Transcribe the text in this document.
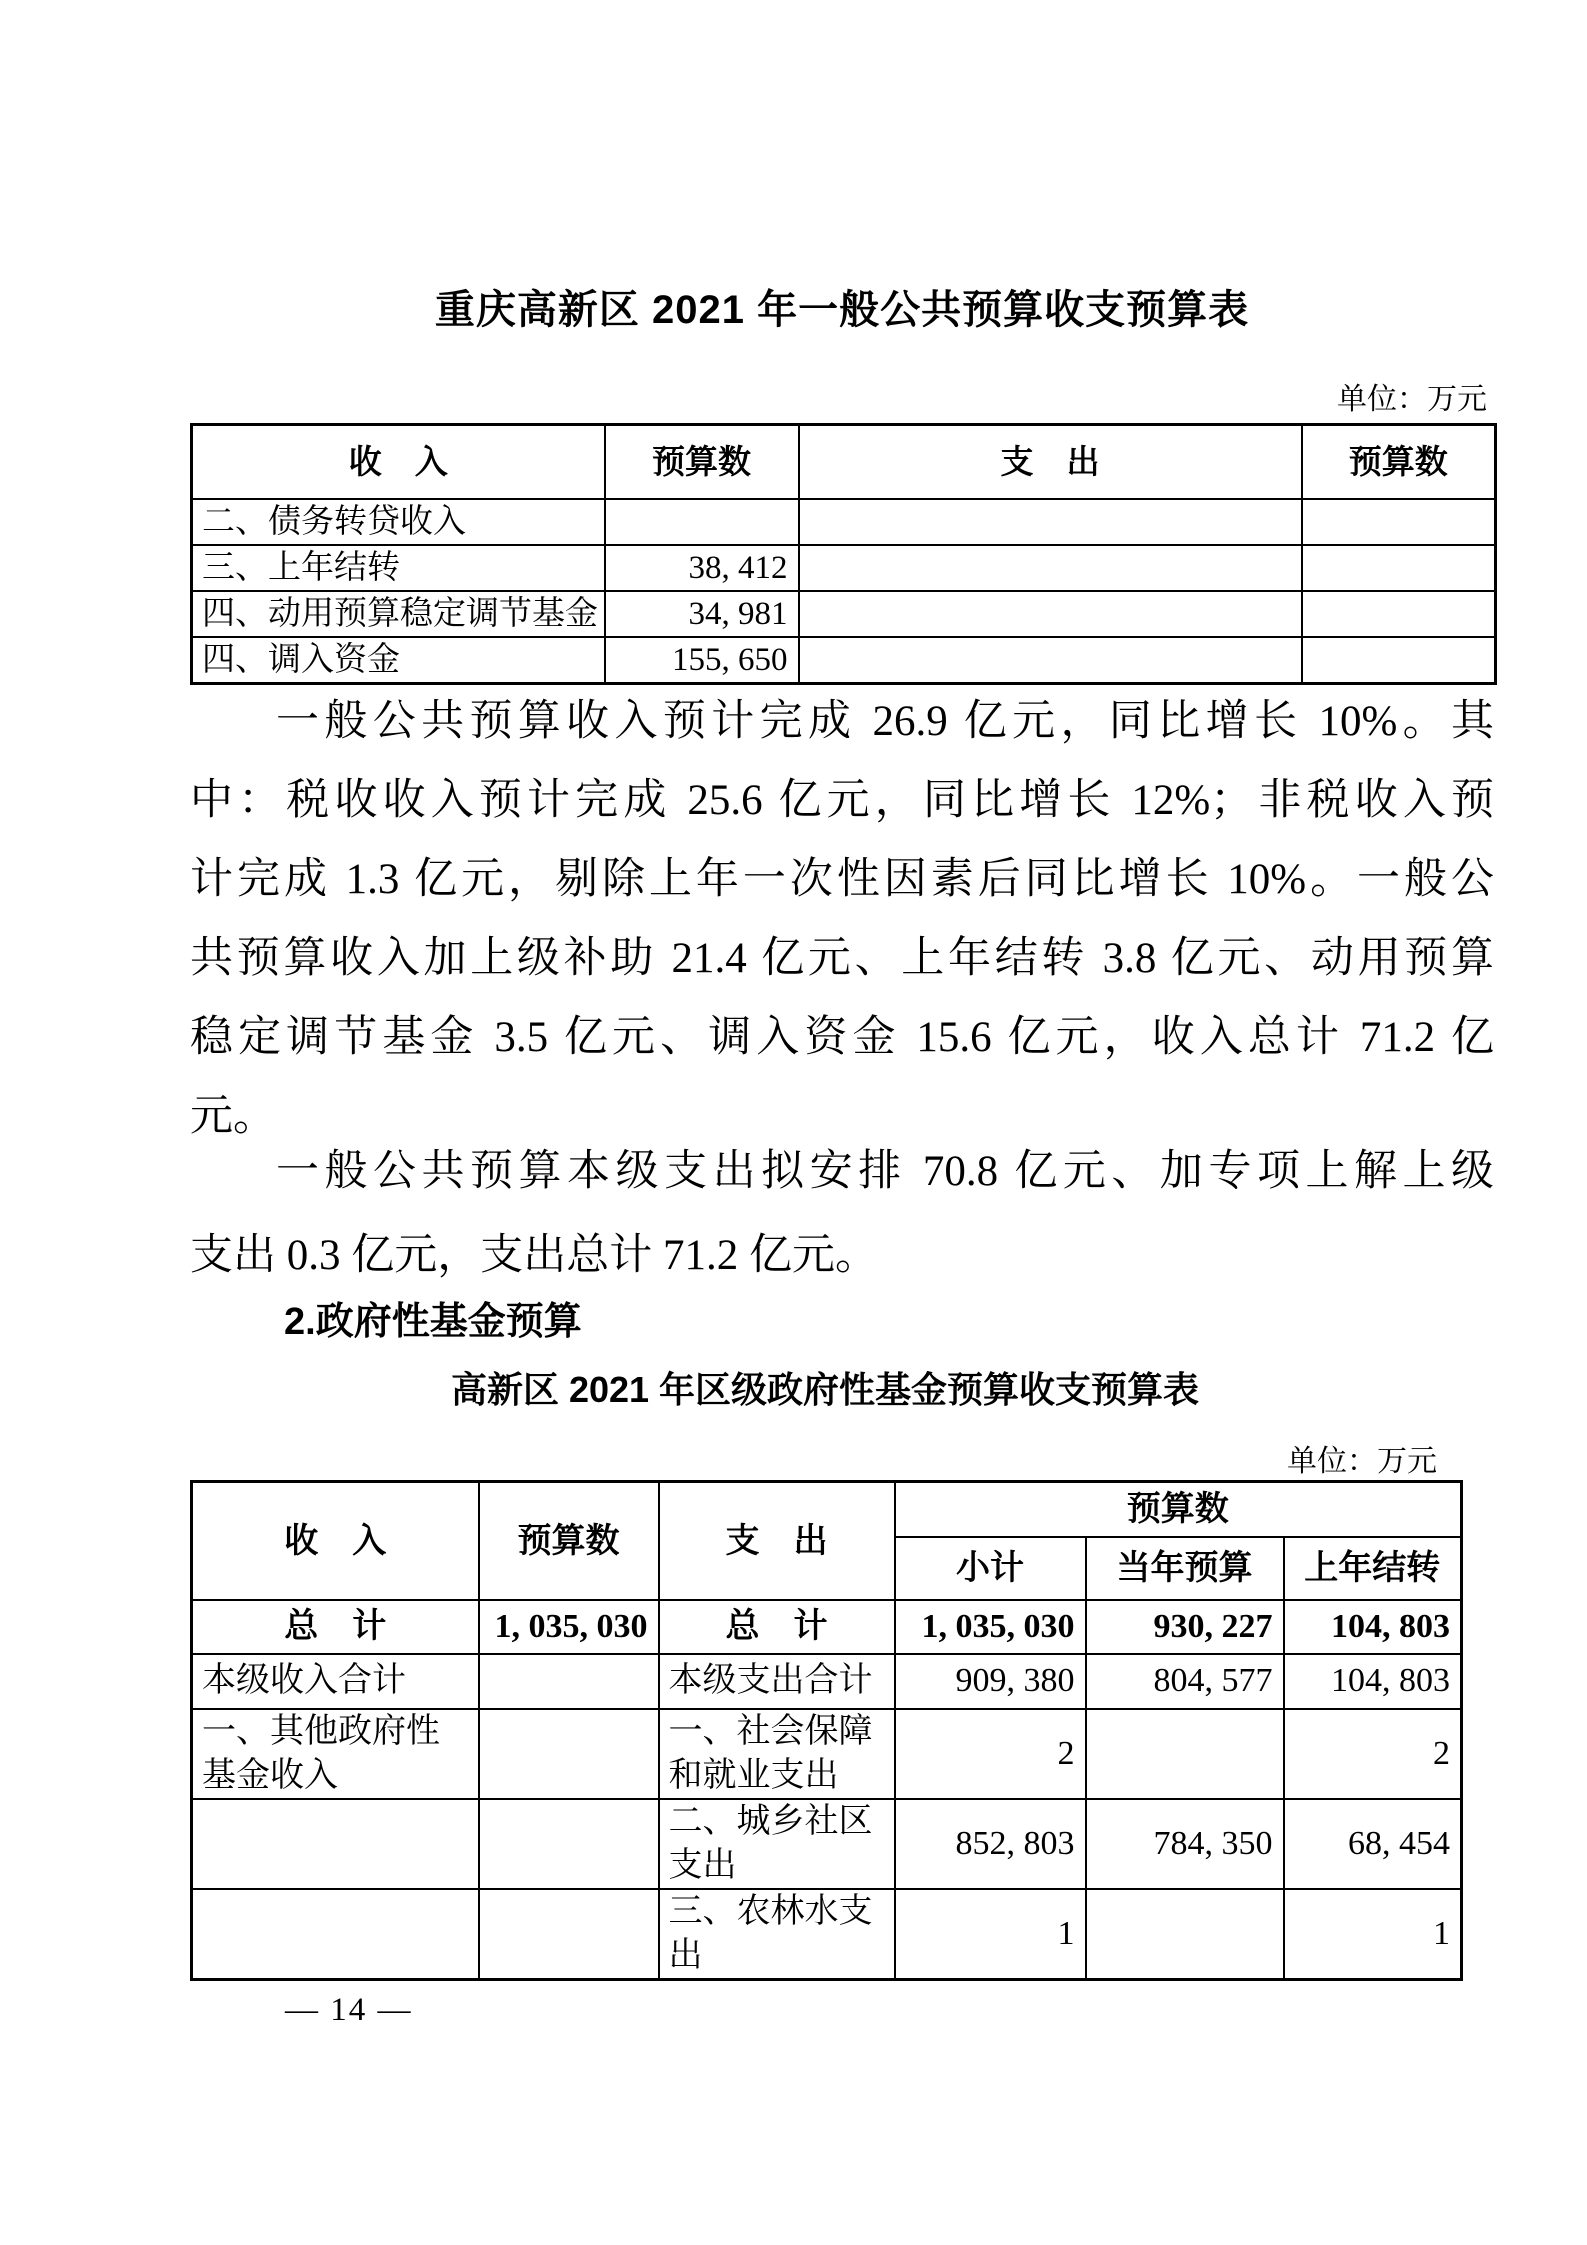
重庆高新区 2021 年一般公共预算收支预算表
单位：万元
收　入	预算数	支　出	预算数
二、债务转贷收入			
三、上年结转	38, 412		
四、动用预算稳定调节基金	34, 981		
四、调入资金	155, 650		
一般公共预算收入预计完成 26.9 亿元，同比增长 10%。其
中：税收收入预计完成 25.6 亿元，同比增长 12%；非税收入预
计完成 1.3 亿元，剔除上年一次性因素后同比增长 10%。一般公
共预算收入加上级补助 21.4 亿元、上年结转 3.8 亿元、动用预算
稳定调节基金 3.5 亿元、调入资金 15.6 亿元，收入总计 71.2 亿
元。
一般公共预算本级支出拟安排 70.8 亿元、加专项上解上级
支出 0.3 亿元，支出总计 71.2 亿元。
2.政府性基金预算
高新区 2021 年区级政府性基金预算收支预算表
单位：万元
收　入	预算数	支　出	预算数		
			小计	当年预算	上年结转
总　计	1, 035, 030	总　计	1, 035, 030	930, 227	104, 803
本级收入合计		本级支出合计	909, 380	804, 577	104, 803
一、其他政府性基金收入		一、社会保障和就业支出	2		2
		二、城乡社区支出	852, 803	784, 350	68, 454
		三、农林水支出	1		1
— 14 —
